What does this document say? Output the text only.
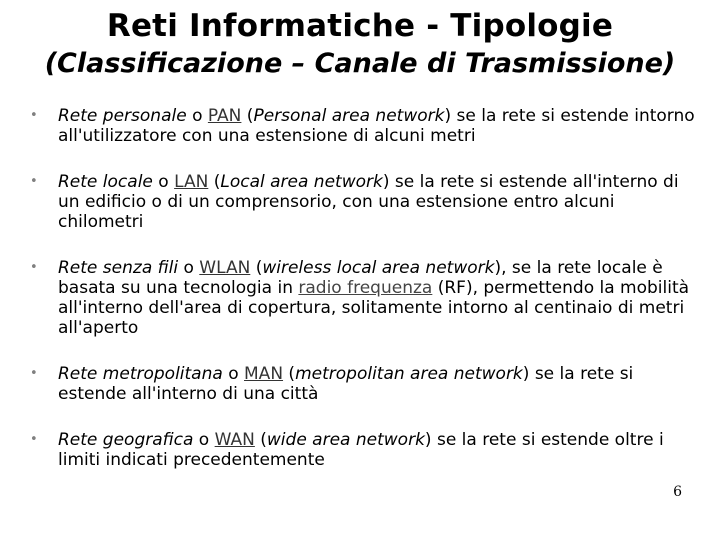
Reti Informatiche - Tipologie
(Classificazione – Canale di Trasmissione)
• Rete personale o PAN (Personal area network) se la rete si estende intorno all'utilizzatore con una estensione di alcuni metri
• Rete locale o LAN (Local area network) se la rete si estende all'interno di un edificio o di un comprensorio, con una estensione entro alcuni chilometri
• Rete senza fili o WLAN (wireless local area network), se la rete locale è basata su una tecnologia in radio frequenza (RF), permettendo la mobilità all'interno dell'area di copertura, solitamente intorno al centinaio di metri all'aperto
• Rete metropolitana o MAN (metropolitan area network) se la rete si estende all'interno di una città
• Rete geografica o WAN (wide area network) se la rete si estende oltre i limiti indicati precedentemente
6
